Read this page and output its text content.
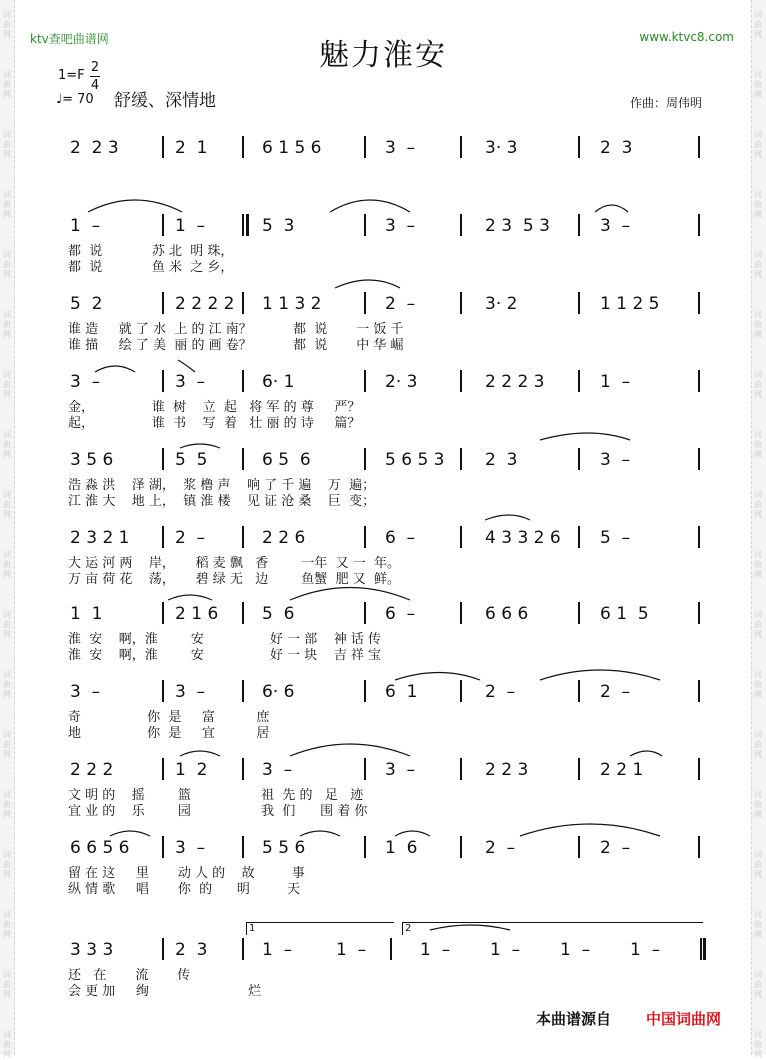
词
曲
网
词
曲
网
词
曲
网
词
曲
网
词
曲
网
词
曲
网
词
曲
网
词
曲
网
词
曲
网
词
曲
网
词
曲
网
词
曲
网
词
曲
网
词
曲
网
词
曲
网
词
曲
网
词
曲
网
词
曲
网
词
曲
网
词
曲
网
词
曲
网
词
曲
网
词
曲
网
词
曲
网
词
曲
网
词
曲
网
词
曲
网
词
曲
网
词
曲
网
词
曲
网
词
曲
网
词
曲
网
词
曲
网
词
曲
网
词
曲
网
词
曲
网
ktv查吧曲谱网	www.ktvc8.com
魅力淮安
1=F
2
4
♩= 70 舒缓、深情地	作曲：周伟明
2  2 3	2  1	6 1 5 6	3  –	3· 3	2  3
1  –	1  –	5  3	3  –	2 3  5 3	3  –
都  说            苏 北  明 珠，
都  说            鱼 米  之 乡，
5  2	2 2 2 2 1 1 3 2	2  –	3· 2	1 1 2 5
谁 造     就 了 水  上 的 江 南？          都  说       一 饭 千
谁 描     绘 了 美  丽 的 画 卷？          都  说       中 华 崛
3  –	3  –	6· 1	2· 3	2 2 2 3	1  –
金，              谁  树    立  起   将 军 的 尊     严？
起，              谁  书    写  着   壮 丽 的 诗     篇？
3 5 6	5  5	6 5  6	5 6 5 3 2  3	3  –
浩 淼 洪    泽 湖，  浆 橹 声    响 了 千 遍    万  遍；
江 淮 大    地 上，  镇 淮 楼    见 证 沧 桑    巨  变；
2 3 2 1	2  –	2 2 6	6  –	4 3 3 2 6 5  –
大 运 河 两    岸，     稻 麦 飘   香        一年  又 一  年。
万 亩 荷 花    荡，     碧 绿 无   边        鱼蟹  肥 又  鲜。
1  1	2 1 6	5  6	6  –	6 6 6	6 1  5
淮  安    啊，淮        安                好 一 部    神 话 传
淮  安    啊，淮        安                好 一 块    吉 祥 宝
3  –	3  –	6· 6	6  1	2  –	2  –
奇                你  是     富          庶
地                你  是     宜          居
2 2 2	1  2	3  –	3  –	2 2 3	2 2 1
文 明 的    摇        篮                 祖  先 的   足   迹
宜 业 的    乐        园                 我  们      围 着 你
6 6 5 6	3  –	5 5 6	1  6	2  –	2  –
留 在 这     里       动 人 的    故         事
纵 情 歌     唱       你  的      明         天
3 3 3	2  3	1  –	1  –	1  – 1  – 1  – 1  –
还   在       流       传
会 更 加     绚                        烂
1	2
本曲谱源自 中国词曲网
